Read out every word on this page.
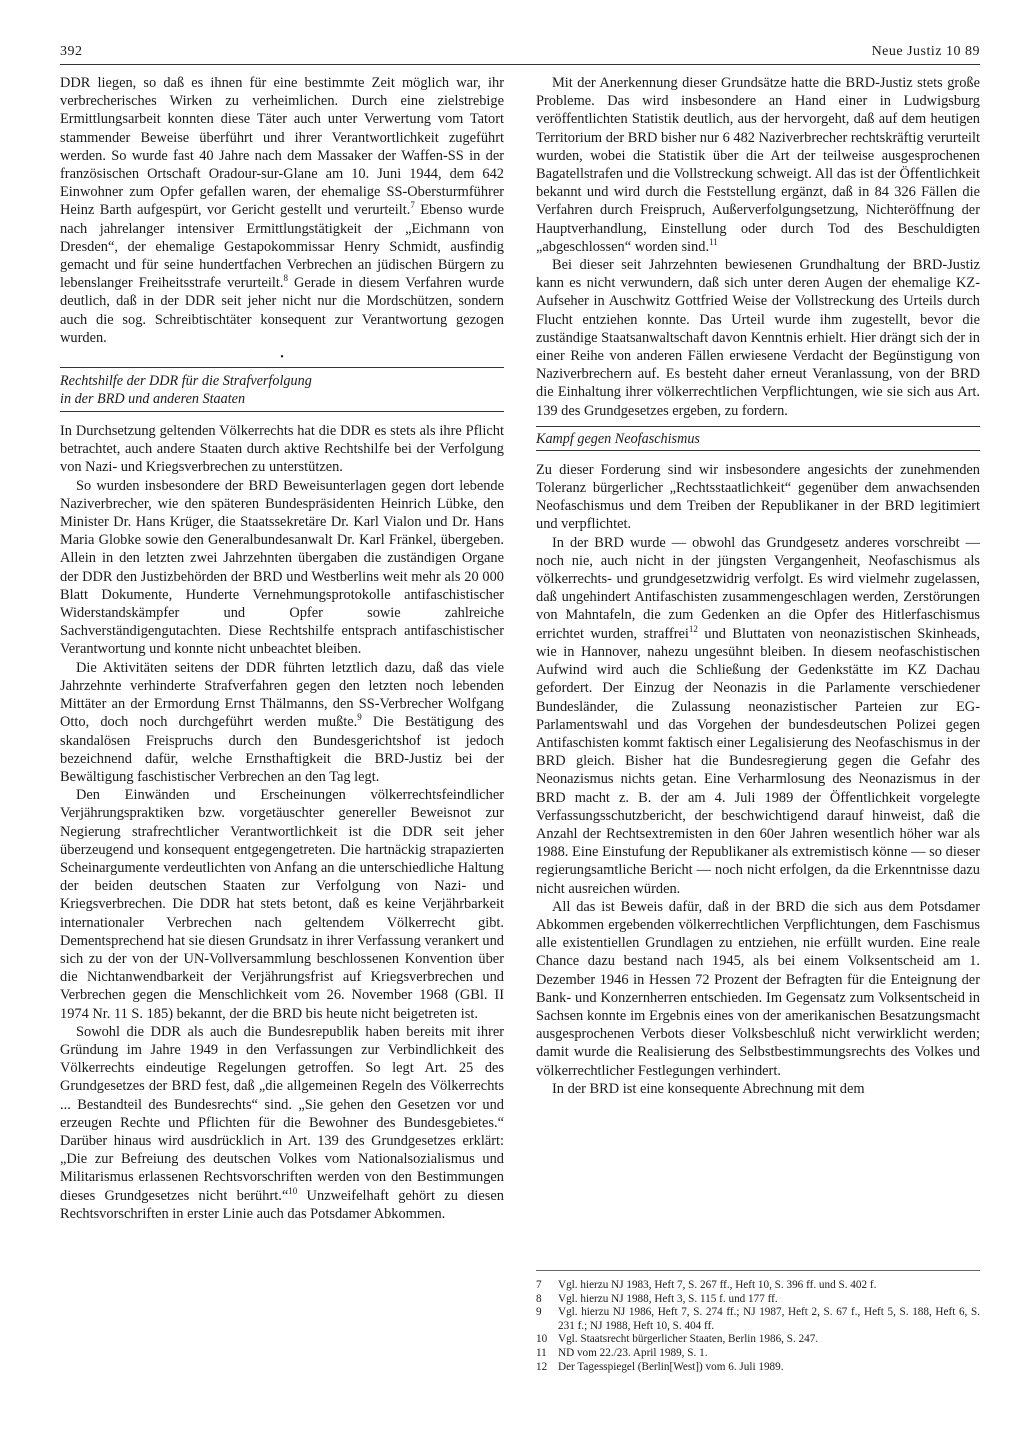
392	Neue Justiz 10 89

DDR liegen, so daß es ihnen für eine bestimmte Zeit möglich war, ihr verbrecherisches Wirken zu verheimlichen. Durch eine zielstrebige Ermittlungsarbeit konnten diese Täter auch unter Verwertung vom Tatort stammender Beweise überführt und ihrer Verantwortlichkeit zugeführt werden. So wurde fast 40 Jahre nach dem Massaker der Waffen-SS in der französischen Ortschaft Oradour-sur-Glane am 10. Juni 1944, dem 642 Einwohner zum Opfer gefallen waren, der ehemalige SS-Obersturmführer Heinz Barth aufgespürt, vor Gericht gestellt und verurteilt.$^7$ Ebenso wurde nach jahrelanger intensiver Ermittlungstätigkeit der „Eichmann von Dresden“, der ehemalige Gestapokommissar Henry Schmidt, ausfindig gemacht und für seine hundertfachen Verbrechen an jüdischen Bürgern zu lebenslanger Freiheitsstrafe verurteilt.$^8$ Gerade in diesem Verfahren wurde deutlich, daß in der DDR seit jeher nicht nur die Mordschützen, sondern auch die sog. Schreibtischtäter konsequent zur Verantwortung gezogen wurden.

•
Rechtshilfe der DDR für die Strafverfolgung
in der BRD und anderen Staaten

In Durchsetzung geltenden Völkerrechts hat die DDR es stets als ihre Pflicht betrachtet, auch andere Staaten durch aktive Rechtshilfe bei der Verfolgung von Nazi- und Kriegsverbrechen zu unterstützen.

So wurden insbesondere der BRD Beweisunterlagen gegen dort lebende Naziverbrecher, wie den späteren Bundespräsidenten Heinrich Lübke, den Minister Dr. Hans Krüger, die Staatssekretäre Dr. Karl Vialon und Dr. Hans Maria Globke sowie den Generalbundesanwalt Dr. Karl Fränkel, übergeben. Allein in den letzten zwei Jahrzehnten übergaben die zuständigen Organe der DDR den Justizbehörden der BRD und Westberlins weit mehr als 20 000 Blatt Dokumente, Hunderte Vernehmungsprotokolle antifaschistischer Widerstandskämpfer und Opfer sowie zahlreiche Sachverständigengutachten. Diese Rechtshilfe entsprach antifaschistischer Verantwortung und konnte nicht unbeachtet bleiben.

Die Aktivitäten seitens der DDR führten letztlich dazu, daß das viele Jahrzehnte verhinderte Strafverfahren gegen den letzten noch lebenden Mittäter an der Ermordung Ernst Thälmanns, den SS-Verbrecher Wolfgang Otto, doch noch durchgeführt werden mußte.$^9$ Die Bestätigung des skandalösen Freispruchs durch den Bundesgerichtshof ist jedoch bezeichnend dafür, welche Ernsthaftigkeit die BRD-Justiz bei der Bewältigung faschistischer Verbrechen an den Tag legt.

Den Einwänden und Erscheinungen völkerrechtsfeindlicher Verjährungspraktiken bzw. vorgetäuschter genereller Beweisnot zur Negierung strafrechtlicher Verantwortlichkeit ist die DDR seit jeher überzeugend und konsequent entgegengetreten. Die hartnäckig strapazierten Scheinargumente verdeutlichten von Anfang an die unterschiedliche Haltung der beiden deutschen Staaten zur Verfolgung von Nazi- und Kriegsverbrechen. Die DDR hat stets betont, daß es keine Verjährbarkeit internationaler Verbrechen nach geltendem Völkerrecht gibt. Dementsprechend hat sie diesen Grundsatz in ihrer Verfassung verankert und sich zu der von der UN-Vollversammlung beschlossenen Konvention über die Nichtanwendbarkeit der Verjährungsfrist auf Kriegsverbrechen und Verbrechen gegen die Menschlichkeit vom 26. November 1968 (GBl. II 1974 Nr. 11 S. 185) bekannt, der die BRD bis heute nicht beigetreten ist.

Sowohl die DDR als auch die Bundesrepublik haben bereits mit ihrer Gründung im Jahre 1949 in den Verfassungen zur Verbindlichkeit des Völkerrechts eindeutige Regelungen getroffen. So legt Art. 25 des Grundgesetzes der BRD fest, daß „die allgemeinen Regeln des Völkerrechts ... Bestandteil des Bundesrechts“ sind. „Sie gehen den Gesetzen vor und erzeugen Rechte und Pflichten für die Bewohner des Bundesgebietes.“ Darüber hinaus wird ausdrücklich in Art. 139 des Grundgesetzes erklärt: „Die zur Befreiung des deutschen Volkes vom Nationalsozialismus und Militarismus erlassenen Rechtsvorschriften werden von den Bestimmungen dieses Grundgesetzes nicht berührt.“$^{10}$ Unzweifelhaft gehört zu diesen Rechtsvorschriften in erster Linie auch das Potsdamer Abkommen.

Mit der Anerkennung dieser Grundsätze hatte die BRD-Justiz stets große Probleme. Das wird insbesondere an Hand einer in Ludwigsburg veröffentlichten Statistik deutlich, aus der hervorgeht, daß auf dem heutigen Territorium der BRD bisher nur 6 482 Naziverbrecher rechtskräftig verurteilt wurden, wobei die Statistik über die Art der teilweise ausgesprochenen Bagatellstrafen und die Vollstreckung schweigt. All das ist der Öffentlichkeit bekannt und wird durch die Feststellung ergänzt, daß in 84 326 Fällen die Verfahren durch Freispruch, Außerverfolgungsetzung, Nichteröffnung der Hauptverhandlung, Einstellung oder durch Tod des Beschuldigten „abgeschlossen“ worden sind.$^{11}$

Bei dieser seit Jahrzehnten bewiesenen Grundhaltung der BRD-Justiz kann es nicht verwundern, daß sich unter deren Augen der ehemalige KZ-Aufseher in Auschwitz Gottfried Weise der Vollstreckung des Urteils durch Flucht entziehen konnte. Das Urteil wurde ihm zugestellt, bevor die zuständige Staatsanwaltschaft davon Kenntnis erhielt. Hier drängt sich der in einer Reihe von anderen Fällen erwiesene Verdacht der Begünstigung von Naziverbrechern auf. Es besteht daher erneut Veranlassung, von der BRD die Einhaltung ihrer völkerrechtlichen Verpflichtungen, wie sie sich aus Art. 139 des Grundgesetzes ergeben, zu fordern.

Kampf gegen Neofaschismus

Zu dieser Forderung sind wir insbesondere angesichts der zunehmenden Toleranz bürgerlicher „Rechtsstaatlichkeit“ gegenüber dem anwachsenden Neofaschismus und dem Treiben der Republikaner in der BRD legitimiert und verpflichtet.

In der BRD wurde — obwohl das Grundgesetz anderes vorschreibt — noch nie, auch nicht in der jüngsten Vergangenheit, Neofaschismus als völkerrechts- und grundgesetzwidrig verfolgt. Es wird vielmehr zugelassen, daß ungehindert Antifaschisten zusammengeschlagen werden, Zerstörungen von Mahntafeln, die zum Gedenken an die Opfer des Hitlerfaschismus errichtet wurden, straffrei$^{12}$ und Bluttaten von neonazistischen Skinheads, wie in Hannover, nahezu ungesühnt bleiben. In diesem neofaschistischen Aufwind wird auch die Schließung der Gedenkstätte im KZ Dachau gefordert. Der Einzug der Neonazis in die Parlamente verschiedener Bundesländer, die Zulassung neonazistischer Parteien zur EG-Parlamentswahl und das Vorgehen der bundesdeutschen Polizei gegen Antifaschisten kommt faktisch einer Legalisierung des Neofaschismus in der BRD gleich. Bisher hat die Bundesregierung gegen die Gefahr des Neonazismus nichts getan. Eine Verharmlosung des Neonazismus in der BRD macht z. B. der am 4. Juli 1989 der Öffentlichkeit vorgelegte Verfassungsschutzbericht, der beschwichtigend darauf hinweist, daß die Anzahl der Rechtsextremisten in den 60er Jahren wesentlich höher war als 1988. Eine Einstufung der Republikaner als extremistisch könne — so dieser regierungsamtliche Bericht — noch nicht erfolgen, da die Erkenntnisse dazu nicht ausreichen würden.

All das ist Beweis dafür, daß in der BRD die sich aus dem Potsdamer Abkommen ergebenden völkerrechtlichen Verpflichtungen, dem Faschismus alle existentiellen Grundlagen zu entziehen, nie erfüllt wurden. Eine reale Chance dazu bestand nach 1945, als bei einem Volksentscheid am 1. Dezember 1946 in Hessen 72 Prozent der Befragten für die Enteignung der Bank- und Konzernherren entschieden. Im Gegensatz zum Volksentscheid in Sachsen konnte im Ergebnis eines von der amerikanischen Besatzungsmacht ausgesprochenen Verbots dieser Volksbeschluß nicht verwirklicht werden; damit wurde die Realisierung des Selbstbestimmungsrechts des Volkes und völkerrechtlicher Festlegungen verhindert.

In der BRD ist eine konsequente Abrechnung mit dem

7	Vgl. hierzu NJ 1983, Heft 7, S. 267 ff., Heft 10, S. 396 ff. und S. 402 f.
8	Vgl. hierzu NJ 1988, Heft 3, S. 115 f. und 177 ff.
9	Vgl. hierzu NJ 1986, Heft 7, S. 274 ff.; NJ 1987, Heft 2, S. 67 f., Heft 5, S. 188, Heft 6, S. 231 f.; NJ 1988, Heft 10, S. 404 ff.
10 Vgl. Staatsrecht bürgerlicher Staaten, Berlin 1986, S. 247.
11	ND vom 22./23. April 1989, S. 1.
12 Der Tagesspiegel (Berlin[West]) vom 6. Juli 1989.
